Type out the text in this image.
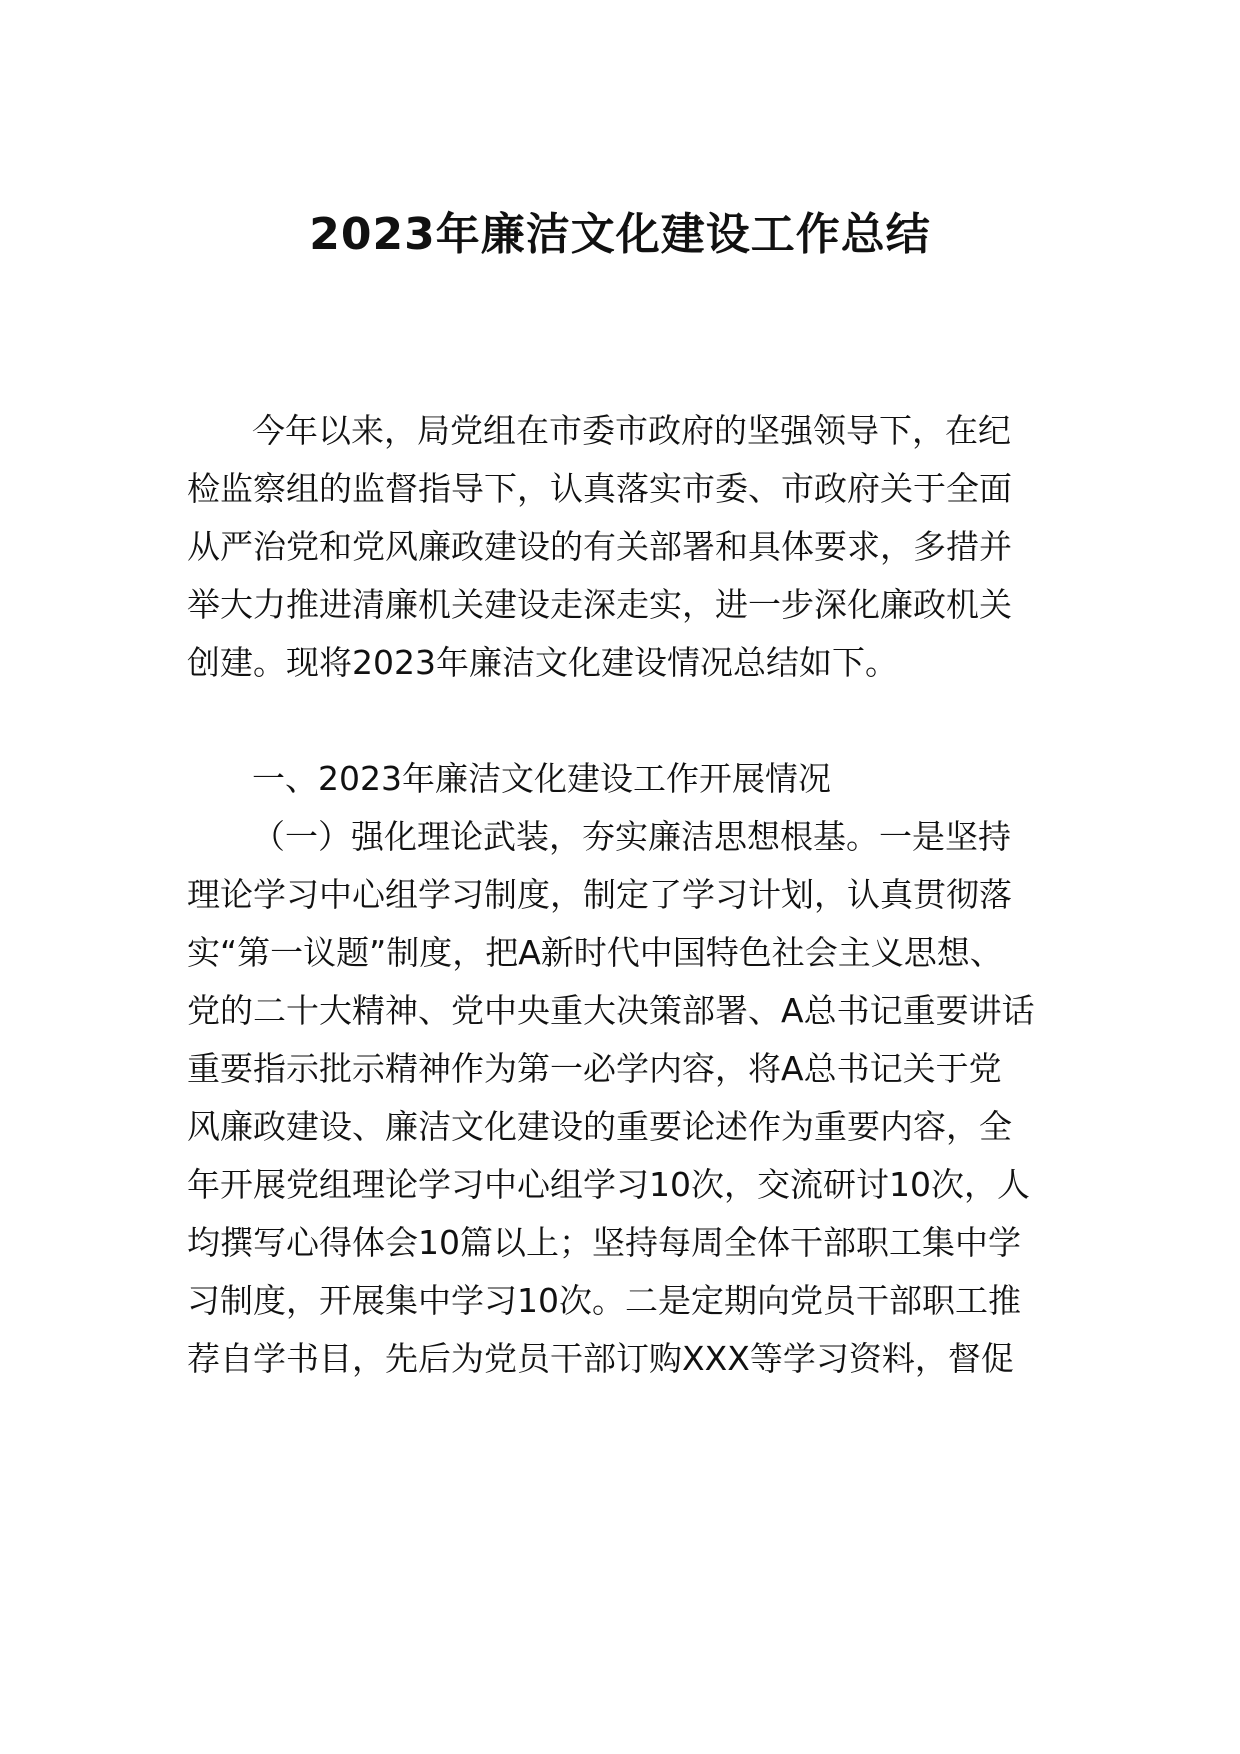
2023年廉洁文化建设工作总结

今年以来，局党组在市委市政府的坚强领导下，在纪

检监察组的监督指导下，认真落实市委、市政府关于全面

从严治党和党风廉政建设的有关部署和具体要求，多措并

举大力推进清廉机关建设走深走实，进一步深化廉政机关

创建。现将2023年廉洁文化建设情况总结如下。

一、2023年廉洁文化建设工作开展情况

（一）强化理论武装，夯实廉洁思想根基。一是坚持

理论学习中心组学习制度，制定了学习计划，认真贯彻落

实“第一议题”制度，把A新时代中国特色社会主义思想、

党的二十大精神、党中央重大决策部署、A总书记重要讲话

重要指示批示精神作为第一必学内容，将A总书记关于党

风廉政建设、廉洁文化建设的重要论述作为重要内容，全

年开展党组理论学习中心组学习10次，交流研讨10次，人

均撰写心得体会10篇以上；坚持每周全体干部职工集中学

习制度，开展集中学习10次。二是定期向党员干部职工推

荐自学书目，先后为党员干部订购XXX等学习资料，督促
